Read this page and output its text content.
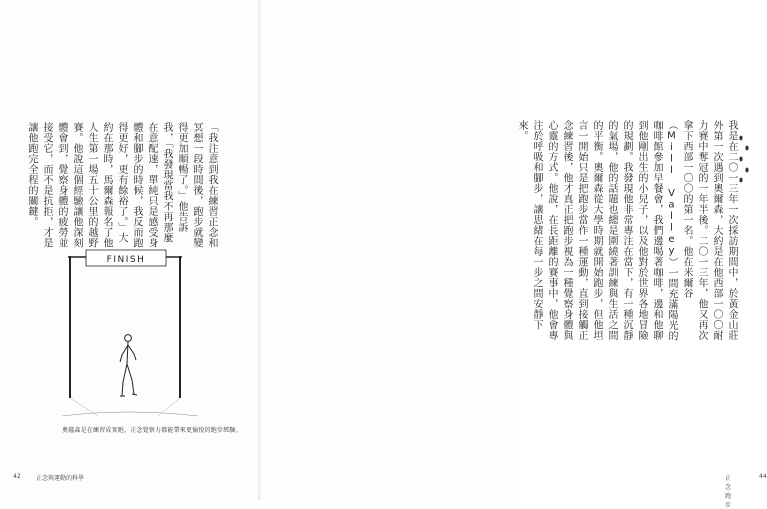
「我注意到我在練習正念和冥想一段時間後，跑步就變得更加順暢了。」他告訴我，「我發現當我不再那麼在意配速，單純只是感受身體和腳步的時候，我反而跑得更好，更有餘裕了。」大約在那時，馬爾森報名了他人生第一場五十公里的越野賽。他說這個經驗讓他深刻體會到，覺察身體的疲勞並接受它，而不是抗拒，才是讓他跑完全程的關鍵。

FINISH
奧薩森是在練習成實跑，正念覺察力都能帶來更愉悅的跑步經驗。
42	正念與運動的科學

我是在二〇一三年一次採訪期間中，於黃金山莊外第一次遇到奧爾森，大約是在他西部一〇〇耐力賽中奪冠的一年半後。二〇一三年，他又再次拿下西部一〇〇的第一名。他在米爾谷（Mill Valley）一間充滿陽光的咖啡館參加早餐會，我們邊喝著咖啡，邊和他聊到他剛出生的小兒子，以及他對於世界各地冒險的規劃。我發現他非常專注在當下，有一種沉靜的氣場，他的話題也總是圍繞著訓練與生活之間的平衡。奧爾森從大學時期就開始跑步，但他坦言一開始只是把跑步當作一種運動，直到接觸正念練習後，他才真正把跑步視為一種覺察身體與心靈的方式。他說，在長距離的賽事中，他會專注於呼吸和腳步，讓思緒在每一步之間安靜下來。

正念跑步
44
